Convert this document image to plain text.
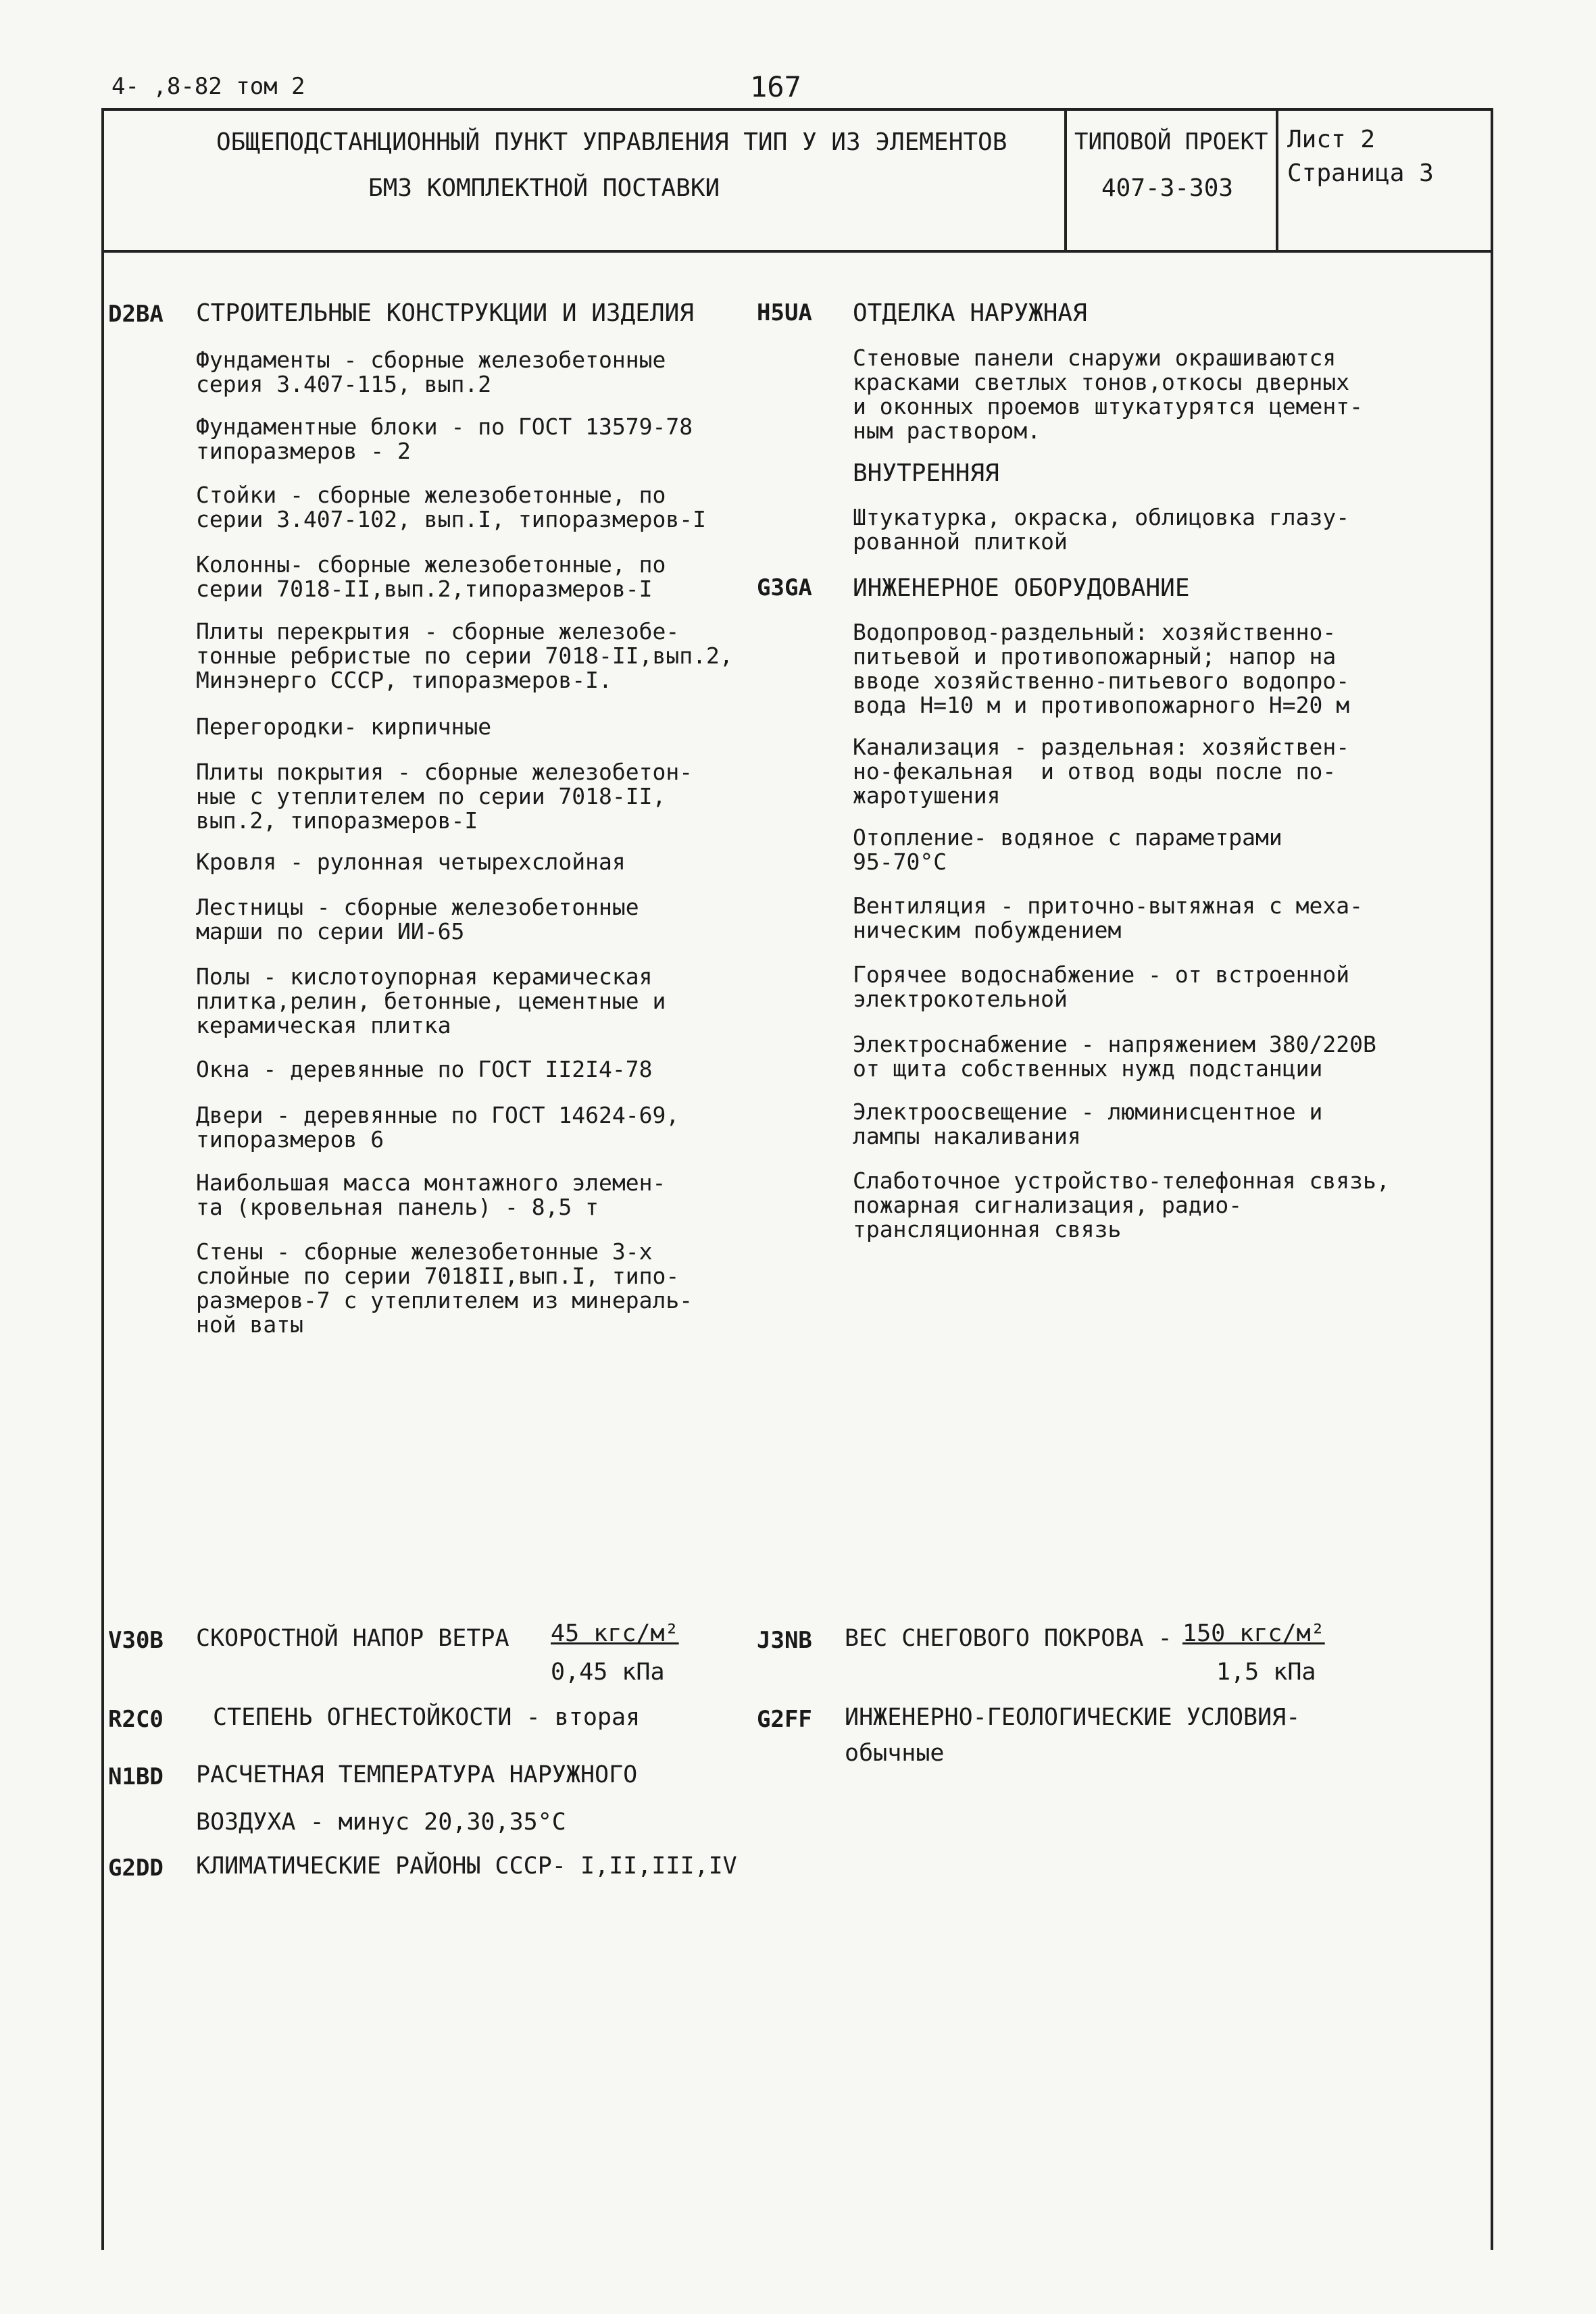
4- ,8-82 том 2	167
ОБЩЕПОДСТАНЦИОННЫЙ ПУНКТ УПРАВЛЕНИЯ ТИП У ИЗ ЭЛЕМЕНТОВ
БМЗ КОМПЛЕКТНОЙ ПОСТАВКИ
ТИПОВОЙ ПРОЕКТ
407-3-303
Лист 2
Страница 3
D2BA СТРОИТЕЛЬНЫЕ КОНСТРУКЦИИ И ИЗДЕЛИЯ
Фундаменты - сборные железобетонные
серия 3.407-115, вып.2
Фундаментные блоки - по ГОСТ 13579-78
типоразмеров - 2
Стойки - сборные железобетонные, по
серии 3.407-102, вып.I, типоразмеров-I
Колонны- сборные железобетонные, по
серии 7018-II,вып.2,типоразмеров-I
Плиты перекрытия - сборные железобе-
тонные ребристые по серии 7018-II,вып.2,
Минэнерго СССР, типоразмеров-I.
Перегородки- кирпичные
Плиты покрытия - сборные железобетон-
ные с утеплителем по серии 7018-II,
вып.2, типоразмеров-I
Кровля - рулонная четырехслойная
Лестницы - сборные железобетонные
марши по серии ИИ-65
Полы - кислотоупорная керамическая
плитка,релин, бетонные, цементные и
керамическая плитка
Окна - деревянные по ГОСТ II2I4-78
Двери - деревянные по ГОСТ 14624-69,
типоразмеров 6
Наибольшая масса монтажного элемен-
та (кровельная панель) - 8,5 т
Стены - сборные железобетонные 3-х
слойные по серии 7018II,вып.I, типо-
размеров-7 с утеплителем из минераль-
ной ваты
H5UA ОТДЕЛКА НАРУЖНАЯ
Стеновые панели снаружи окрашиваются
красками светлых тонов,откосы дверных
и оконных проемов штукатурятся цемент-
ным раствором.
ВНУТРЕННЯЯ
Штукатурка, окраска, облицовка глазу-
рованной плиткой
G3GA ИНЖЕНЕРНОЕ ОБОРУДОВАНИЕ
Водопровод-раздельный: хозяйственно-
питьевой и противопожарный; напор на
вводе хозяйственно-питьевого водопро-
вода Н=10 м и противопожарного Н=20 м
Канализация - раздельная: хозяйствен-
но-фекальная  и отвод воды после по-
жаротушения
Отопление- водяное с параметрами
95-70°С
Вентиляция - приточно-вытяжная с меха-
ническим побуждением
Горячее водоснабжение - от встроенной
электрокотельной
Электроснабжение - напряжением 380/220В
от щита собственных нужд подстанции
Электроосвещение - люминисцентное и
лампы накаливания
Слаботочное устройство-телефонная связь,
пожарная сигнализация, радио-
трансляционная связь
V30B СКОРОСТНОЙ НАПОР ВЕТРА 45 кгс/м²
0,45 кПа
J3NB ВЕС СНЕГОВОГО ПОКРОВА - 150 кгс/м²
1,5 кПа
R2C0 СТЕПЕНЬ ОГНЕСТОЙКОСТИ - вторая	G2FF ИНЖЕНЕРНО-ГЕОЛОГИЧЕСКИЕ УСЛОВИЯ-
обычные
N1BD РАСЧЕТНАЯ ТЕМПЕРАТУРА НАРУЖНОГО
ВОЗДУХА - минус 20,30,35°С
G2DD КЛИМАТИЧЕСКИЕ РАЙОНЫ СССР- I,II,III,IV
